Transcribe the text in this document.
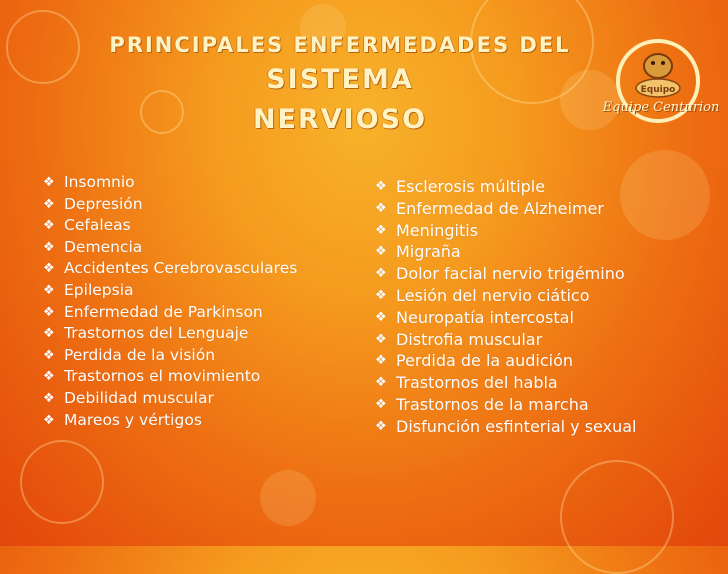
PRINCIPALES ENFERMEDADES DEL SISTEMA
NERVIOSO
Equipo
Equipe Centurion
❖ Insomnio
❖ Depresión
❖ Cefaleas
❖ Demencia
❖ Accidentes Cerebrovasculares
❖ Epilepsia
❖ Enfermedad de Parkinson
❖ Trastornos del Lenguaje
❖ Perdida de la visión
❖ Trastornos el movimiento
❖ Debilidad muscular
❖ Mareos y vértigos
❖ Esclerosis múltiple
❖ Enfermedad de Alzheimer
❖ Meningitis
❖ Migraña
❖ Dolor facial nervio trigémino
❖ Lesión del nervio ciático
❖ Neuropatía intercostal
❖ Distrofia muscular
❖ Perdida de la audición
❖ Trastornos del habla
❖ Trastornos de la marcha
❖ Disfunción esfinterial y sexual
